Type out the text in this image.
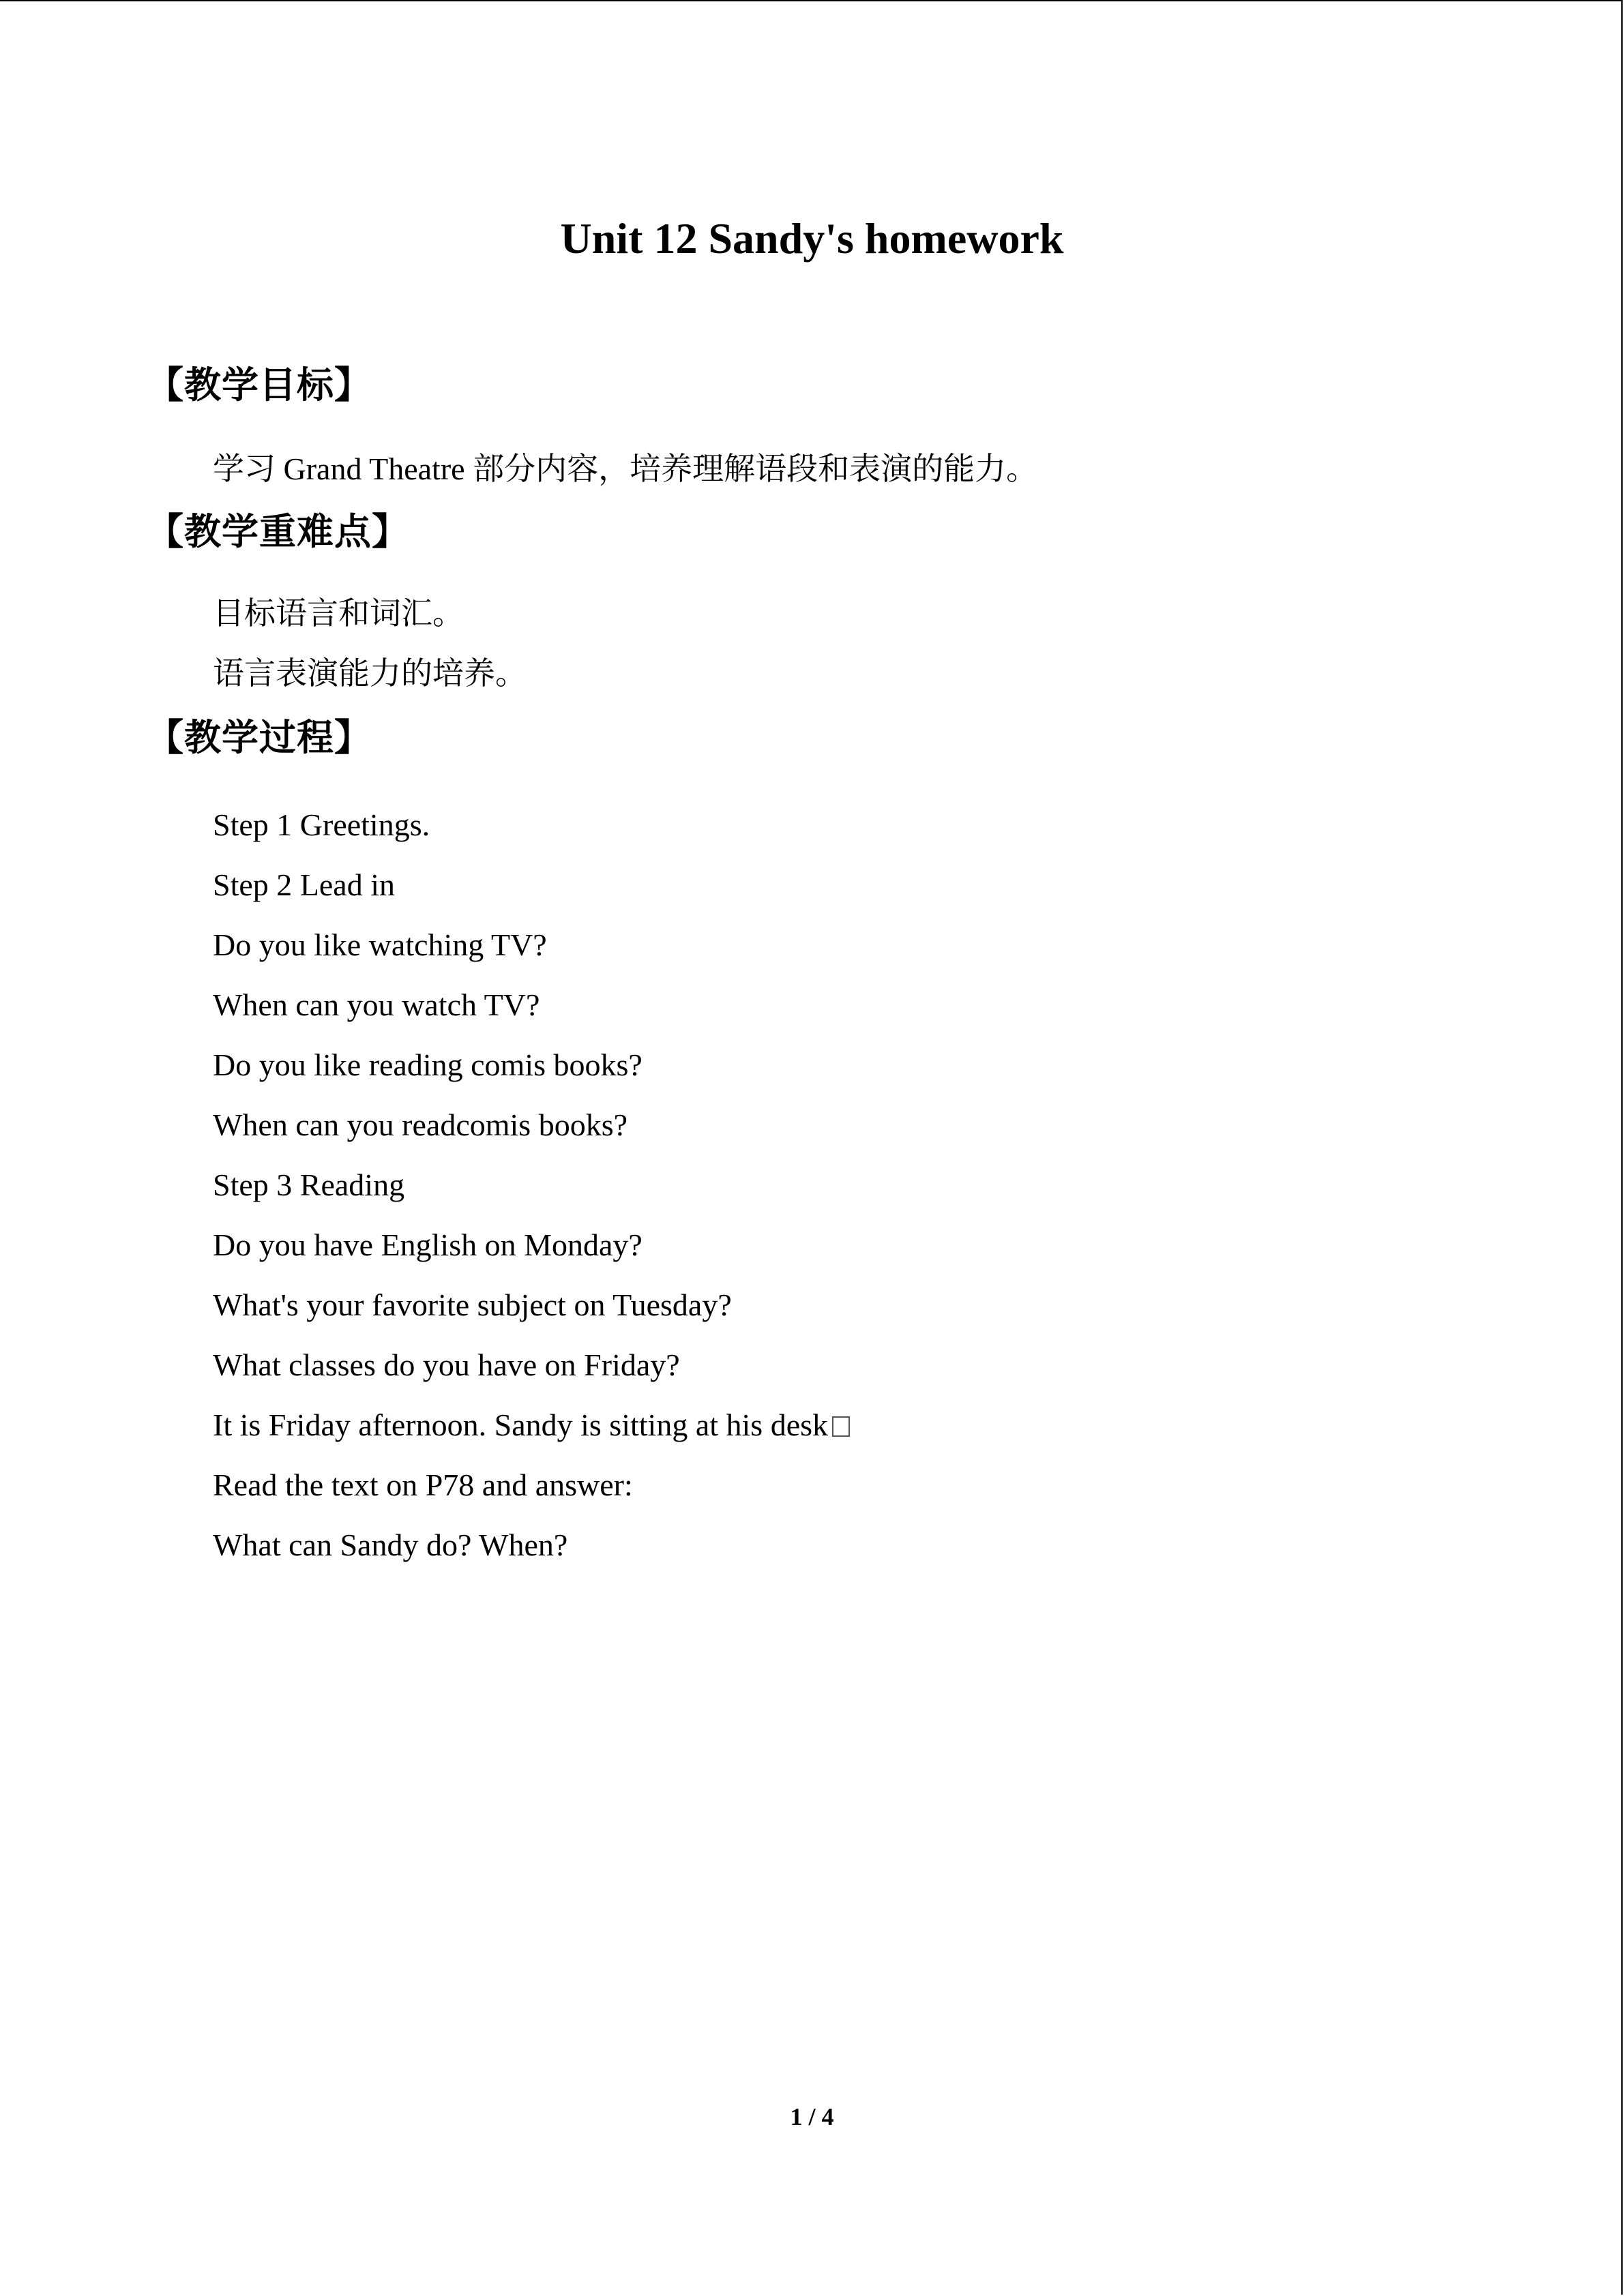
Unit 12 Sandy's homework
【教学目标】

学习 Grand Theatre 部分内容，培养理解语段和表演的能力。

【教学重难点】

目标语言和词汇。

语言表演能力的培养。

【教学过程】

Step 1 Greetings.

Step 2 Lead in

Do you like watching TV?

When can you watch TV?

Do you like reading comis books?

When can you readcomis books?

Step 3 Reading

Do you have English on Monday?

What's your favorite subject on Tuesday?

What classes do you have on Friday?

It is Friday afternoon. Sandy is sitting at his desk

Read the text on P78 and answer:

What can Sandy do? When?

1 / 4
